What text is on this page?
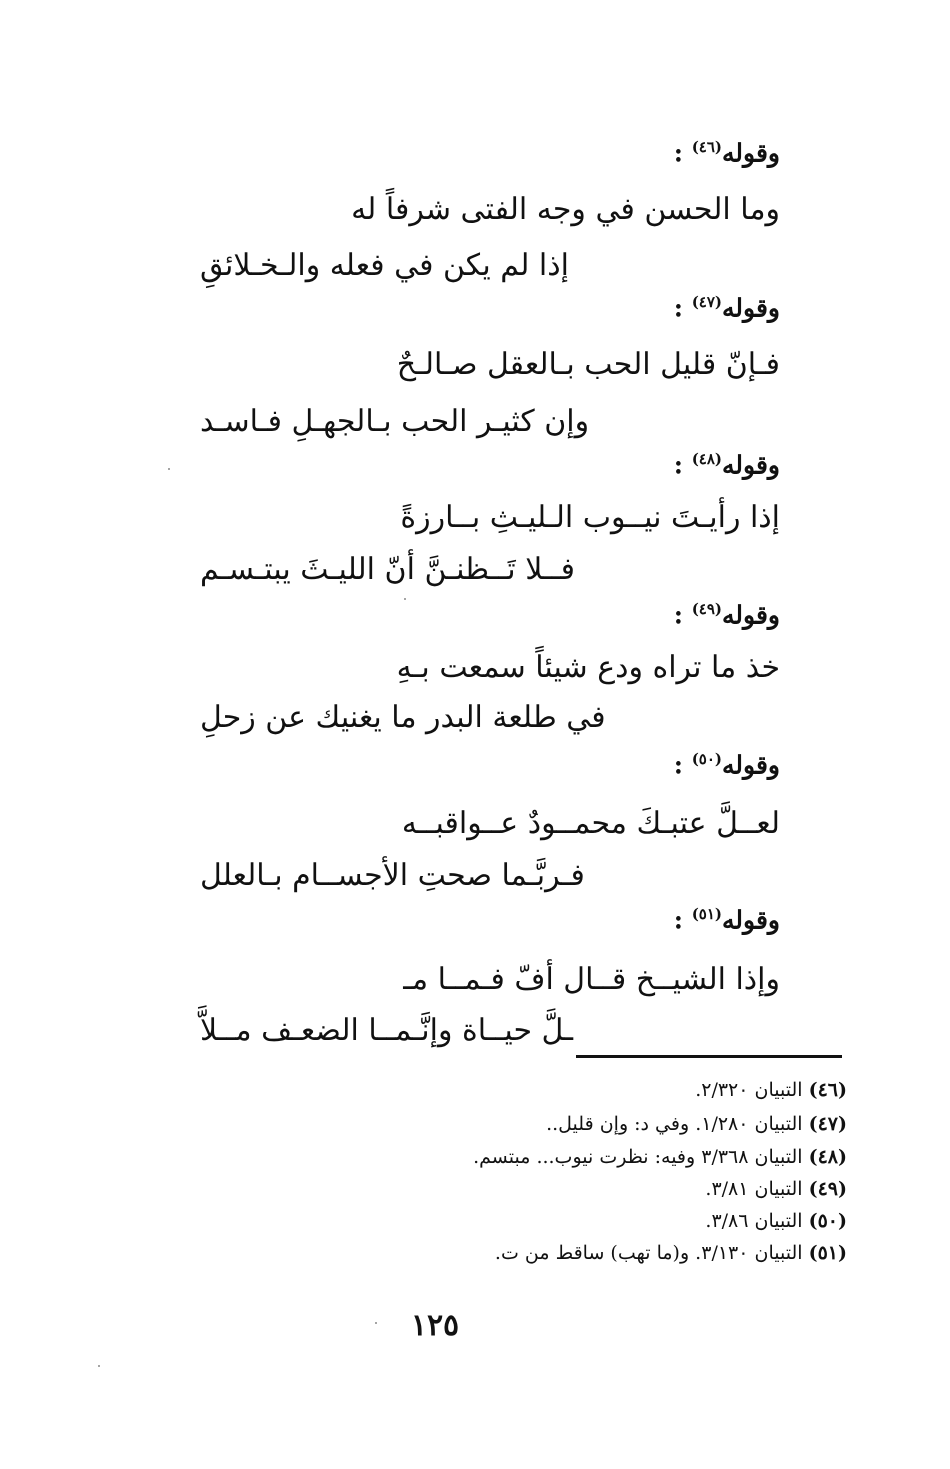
وقوله$^{(٤٦)}$ :
وما الحسن في وجه الفتى شرفاً له
إذا لم يكن في فعله والـخـلائقِ
وقوله$^{(٤٧)}$ :
فـإنّ قليل الحب بـالعقل صـالـحٌ
وإن كثيـر الحب بـالجهـلِ فـاسـد
وقوله$^{(٤٨)}$ :
إذا رأيـتَ نيــوب الـليـثِ بــارزةً
فــلا تَــظنـنَّ أنّ الليـثَ يبتـسـم
وقوله$^{(٤٩)}$ :
خذ ما تراه ودع شيئاً سمعت بـهِ
في طلعة البدر ما يغنيك عن زحلِ
وقوله$^{(٥٠)}$ :
لعــلَّ عتبـكَ محمــودٌ عــواقبــه
فـربَّـما صحتِ الأجســام بـالعلل
وقوله$^{(٥١)}$ :
وإذا الشيــخ قــال أفّ فـمــا مـ
ـلَّ حيــاة وإنَّـمــا الضعـف مــلاَّ
(٤٦) التبيان ٢/٣٢٠.
(٤٧) التبيان ١/٢٨٠. وفي د: وإن قليل..
(٤٨) التبيان ٣/٣٦٨ وفيه: نظرت نيوب... مبتسم.
(٤٩) التبيان ٣/٨١.
(٥٠) التبيان ٣/٨٦.
(٥١) التبيان ٣/١٣٠. و(ما تهب) ساقط من ت.
١٢٥
